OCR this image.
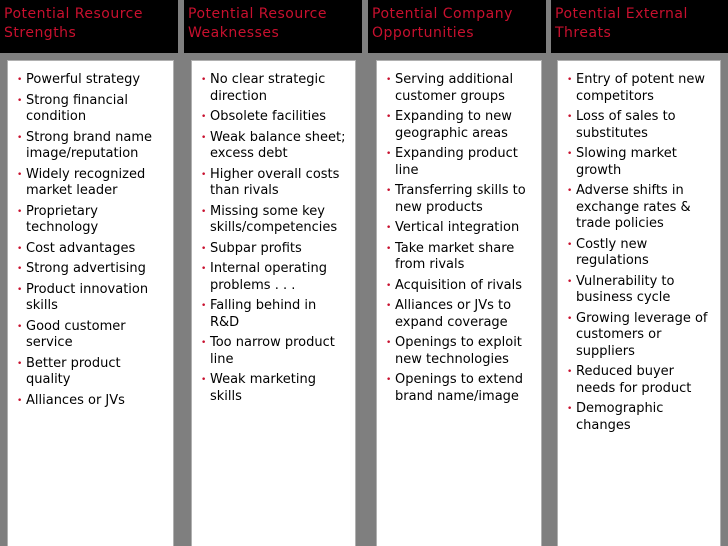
Potential Resource
Strengths
Potential Resource
Weaknesses
Potential Company
Opportunities
Potential External
Threats
• Powerful strategy
• Strong financial
condition
• Strong brand name
image/reputation
• Widely recognized
market leader
• Proprietary
technology
• Cost advantages
• Strong advertising
• Product innovation
skills
• Good customer
service
• Better product
quality
• Alliances or JVs
• No clear strategic
direction
• Obsolete facilities
• Weak balance sheet;
excess debt
• Higher overall costs
than rivals
• Missing some key
skills/competencies
• Subpar profits
• Internal operating
problems . . .
• Falling behind in
R&D
• Too narrow product
line
• Weak marketing
skills
• Serving additional
customer groups
• Expanding to new
geographic areas
• Expanding product
line
• Transferring skills to
new products
• Vertical integration
• Take market share
from rivals
• Acquisition of rivals
• Alliances or JVs to
expand coverage
• Openings to exploit
new technologies
• Openings to extend
brand name/image
• Entry of potent new
competitors
• Loss of sales to
substitutes
• Slowing market
growth
• Adverse shifts in
exchange rates &
trade policies
• Costly new
regulations
• Vulnerability to
business cycle
• Growing leverage of
customers or
suppliers
• Reduced buyer
needs for product
• Demographic
changes
